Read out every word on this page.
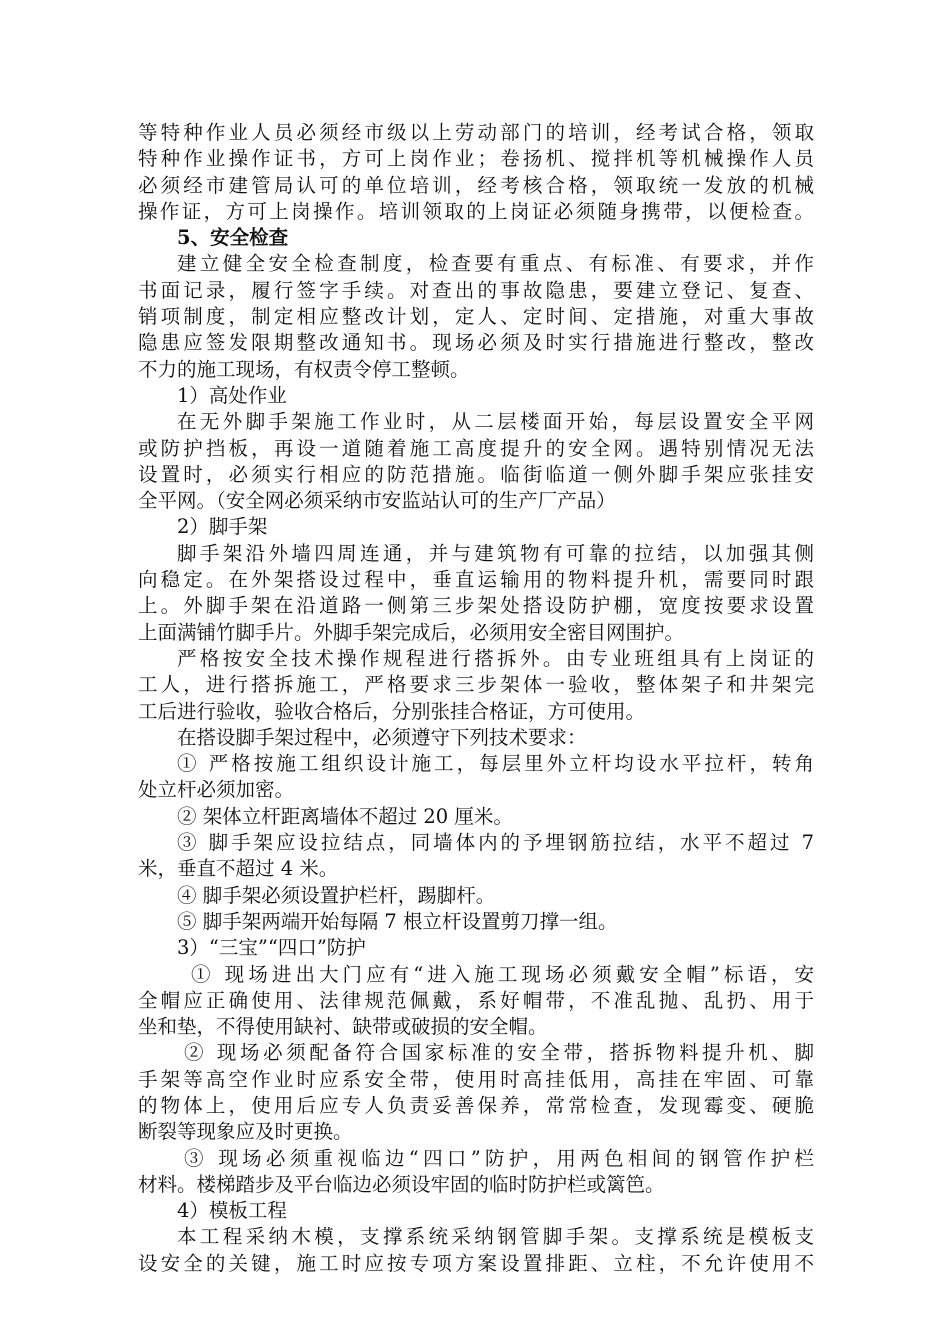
等特种作业人员必须经市级以上劳动部门的培训，经考试合格，领取
特种作业操作证书，方可上岗作业；卷扬机、搅拌机等机械操作人员
必须经市建管局认可的单位培训，经考核合格，领取统一发放的机械
操作证，方可上岗操作。培训领取的上岗证必须随身携带，以便检查。
5、安全检查
建立健全安全检查制度，检查要有重点、有标准、有要求，并作
书面记录，履行签字手续。对查出的事故隐患，要建立登记、复查、
销项制度，制定相应整改计划，定人、定时间、定措施，对重大事故
隐患应签发限期整改通知书。现场必须及时实行措施进行整改，整改
不力的施工现场，有权责令停工整顿。
1）高处作业
在无外脚手架施工作业时，从二层楼面开始，每层设置安全平网
或防护挡板，再设一道随着施工高度提升的安全网。遇特别情况无法
设置时，必须实行相应的防范措施。临街临道一侧外脚手架应张挂安
全平网。（安全网必须采纳市安监站认可的生产厂产品）
2）脚手架
脚手架沿外墙四周连通，并与建筑物有可靠的拉结，以加强其侧
向稳定。在外架搭设过程中，垂直运输用的物料提升机，需要同时跟
上。外脚手架在沿道路一侧第三步架处搭设防护棚，宽度按要求设置
上面满铺竹脚手片。外脚手架完成后，必须用安全密目网围护。
严格按安全技术操作规程进行搭拆外。由专业班组具有上岗证的
工人，进行搭拆施工，严格要求三步架体一验收，整体架子和井架完
工后进行验收，验收合格后，分别张挂合格证，方可使用。
在搭设脚手架过程中，必须遵守下列技术要求：
① 严格按施工组织设计施工，每层里外立杆均设水平拉杆，转角
处立杆必须加密。
② 架体立杆距离墙体不超过 20 厘米。
③ 脚手架应设拉结点，同墙体内的予埋钢筋拉结，水平不超过 7
米，垂直不超过 4 米。
④ 脚手架必须设置护栏杆，踢脚杆。
⑤ 脚手架两端开始每隔 7 根立杆设置剪刀撑一组。
3）“三宝”“四口”防护
① 现场进出大门应有“进入施工现场必须戴安全帽”标语，安
全帽应正确使用、法律规范佩戴，系好帽带，不准乱抛、乱扔、用于
坐和垫，不得使用缺衬、缺带或破损的安全帽。
② 现场必须配备符合国家标准的安全带，搭拆物料提升机、脚
手架等高空作业时应系安全带，使用时高挂低用，高挂在牢固、可靠
的物体上，使用后应专人负责妥善保养，常常检查，发现霉变、硬脆
断裂等现象应及时更换。
③ 现场必须重视临边“四口”防护，用两色相间的钢管作护栏
材料。楼梯踏步及平台临边必须设牢固的临时防护栏或篱笆。
4）模板工程
本工程采纳木模，支撑系统采纳钢管脚手架。支撑系统是模板支
设安全的关键，施工时应按专项方案设置排距、立柱，不允许使用不
